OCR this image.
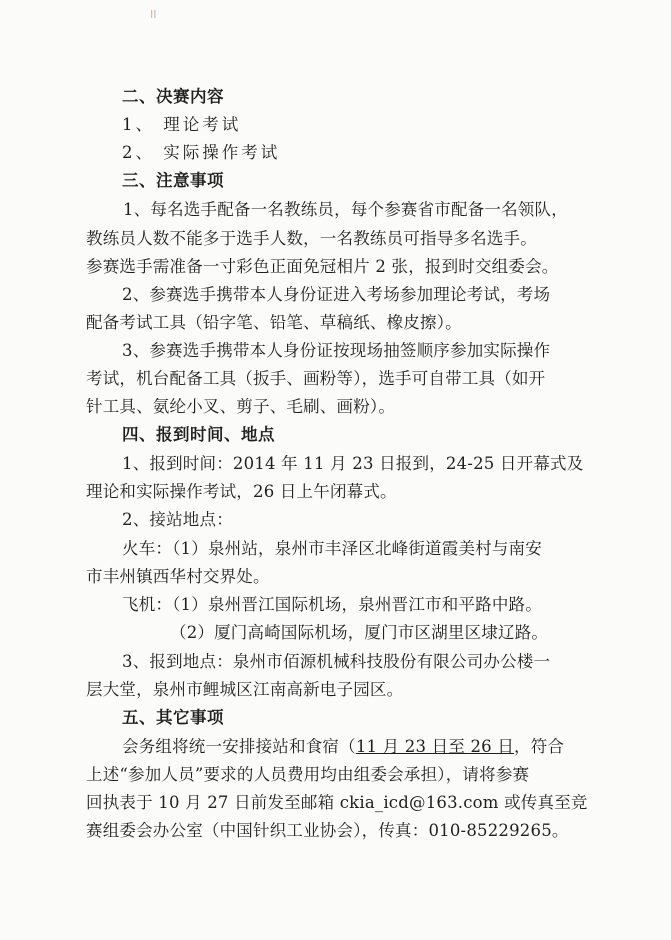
II
二、决赛内容
1、 理论考试
2、 实际操作考试
三、注意事项
1、每名选手配备一名教练员，每个参赛省市配备一名领队，
教练员人数不能多于选手人数，一名教练员可指导多名选手。
参赛选手需准备一寸彩色正面免冠相片 2 张，报到时交组委会。
2、参赛选手携带本人身份证进入考场参加理论考试，考场
配备考试工具（铅字笔、铅笔、草稿纸、橡皮擦）。
3、参赛选手携带本人身份证按现场抽签顺序参加实际操作
考试，机台配备工具（扳手、画粉等），选手可自带工具（如开
针工具、氨纶小叉、剪子、毛刷、画粉）。
四、报到时间、地点
1、报到时间：2014 年 11 月 23 日报到，24-25 日开幕式及
理论和实际操作考试，26 日上午闭幕式。
2、接站地点：
火车：（1）泉州站，泉州市丰泽区北峰街道霞美村与南安
市丰州镇西华村交界处。
飞机：（1）泉州晋江国际机场，泉州晋江市和平路中路。
（2）厦门高崎国际机场，厦门市区湖里区埭辽路。
3、报到地点：泉州市佰源机械科技股份有限公司办公楼一
层大堂，泉州市鲤城区江南高新电子园区。
五、其它事项
会务组将统一安排接站和食宿（11 月 23 日至 26 日，符合
上述“参加人员”要求的人员费用均由组委会承担），请将参赛
回执表于 10 月 27 日前发至邮箱 ckia_icd@163.com 或传真至竞
赛组委会办公室（中国针织工业协会），传真：010-85229265。
